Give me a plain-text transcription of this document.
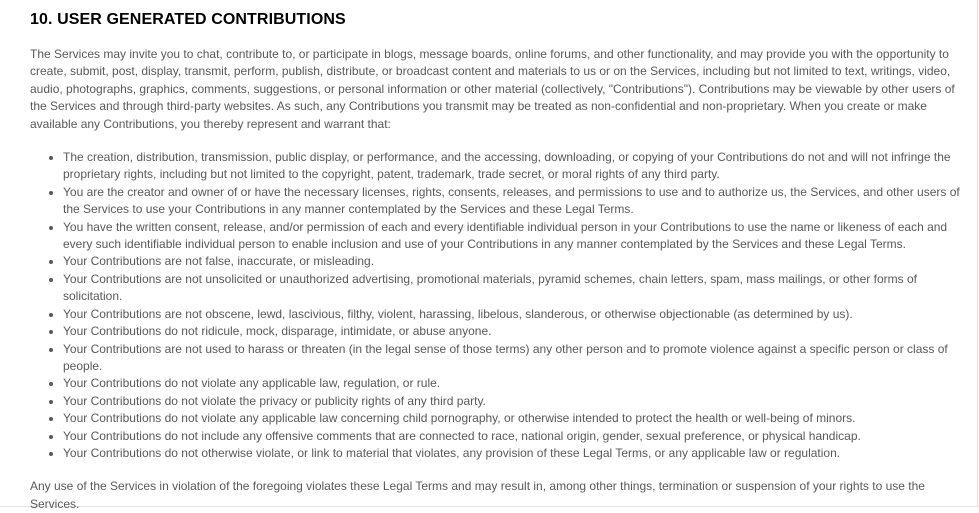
10. USER GENERATED CONTRIBUTIONS

The Services may invite you to chat, contribute to, or participate in blogs, message boards, online forums, and other functionality, and may provide you with the opportunity to create, submit, post, display, transmit, perform, publish, distribute, or broadcast content and materials to us or on the Services, including but not limited to text, writings, video, audio, photographs, graphics, comments, suggestions, or personal information or other material (collectively, "Contributions"). Contributions may be viewable by other users of the Services and through third-party websites. As such, any Contributions you transmit may be treated as non-confidential and non-proprietary. When you create or make available any Contributions, you thereby represent and warrant that:

The creation, distribution, transmission, public display, or performance, and the accessing, downloading, or copying of your Contributions do not and will not infringe the proprietary rights, including but not limited to the copyright, patent, trademark, trade secret, or moral rights of any third party.
You are the creator and owner of or have the necessary licenses, rights, consents, releases, and permissions to use and to authorize us, the Services, and other users of the Services to use your Contributions in any manner contemplated by the Services and these Legal Terms.
You have the written consent, release, and/or permission of each and every identifiable individual person in your Contributions to use the name or likeness of each and every such identifiable individual person to enable inclusion and use of your Contributions in any manner contemplated by the Services and these Legal Terms.
Your Contributions are not false, inaccurate, or misleading.
Your Contributions are not unsolicited or unauthorized advertising, promotional materials, pyramid schemes, chain letters, spam, mass mailings, or other forms of solicitation.
Your Contributions are not obscene, lewd, lascivious, filthy, violent, harassing, libelous, slanderous, or otherwise objectionable (as determined by us).
Your Contributions do not ridicule, mock, disparage, intimidate, or abuse anyone.
Your Contributions are not used to harass or threaten (in the legal sense of those terms) any other person and to promote violence against a specific person or class of people.
Your Contributions do not violate any applicable law, regulation, or rule.
Your Contributions do not violate the privacy or publicity rights of any third party.
Your Contributions do not violate any applicable law concerning child pornography, or otherwise intended to protect the health or well-being of minors.
Your Contributions do not include any offensive comments that are connected to race, national origin, gender, sexual preference, or physical handicap.
Your Contributions do not otherwise violate, or link to material that violates, any provision of these Legal Terms, or any applicable law or regulation.

Any use of the Services in violation of the foregoing violates these Legal Terms and may result in, among other things, termination or suspension of your rights to use the Services.
